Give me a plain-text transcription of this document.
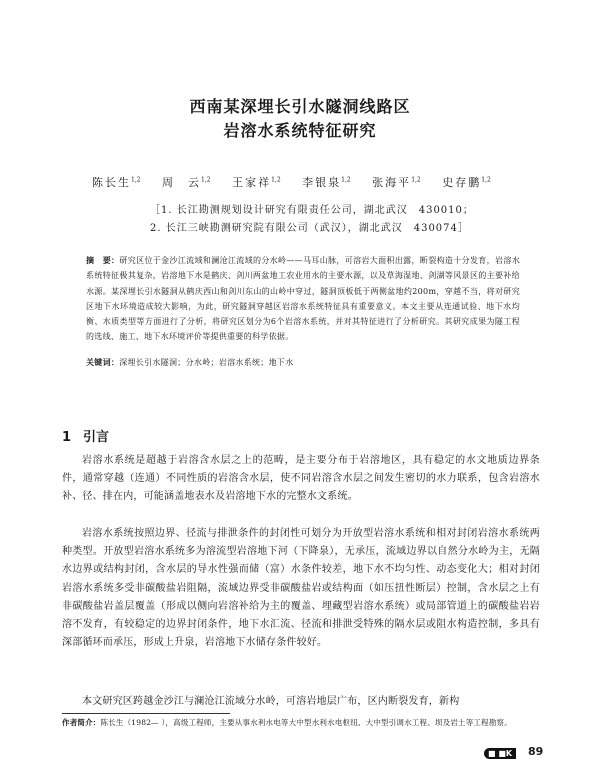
西南某深埋长引水隧洞线路区
岩溶水系统特征研究
陈长生$^{1,2}$ 周　云$^{1,2}$ 王家祥$^{1,2}$ 李银泉$^{1,2}$ 张海平$^{1,2}$ 史存鹏$^{1,2}$
［1. 长江勘测规划设计研究有限责任公司，湖北武汉　430010；
2. 长江三峡勘测研究院有限公司（武汉），湖北武汉　430074］
摘　要：研究区位于金沙江流域和澜沧江流域的分水岭——马耳山脉，可溶岩大面积出露，断裂构造十分发育，岩溶水系统特征极其复杂，岩溶地下水是鹤庆、剑川两盆地工农业用水的主要水源，以及草海湿地、剑湖等风景区的主要补给水源。某深埋长引水隧洞从鹤庆西山和剑川东山的山岭中穿过，隧洞顶板低于两侧盆地约200m，穿越不当，将对研究区地下水环境造成较大影响，为此，研究隧洞穿越区岩溶水系统特征具有重要意义。本文主要从连通试验、地下水均衡、水质类型等方面进行了分析，将研究区划分为6个岩溶水系统，并对其特征进行了分析研究。其研究成果为隧工程的选线、施工、地下水环境评价等提供重要的科学依据。
关键词：深埋长引水隧洞；分水岭；岩溶水系统；地下水
1 引言
岩溶水系统是超越于岩溶含水层之上的范畴，是主要分布于岩溶地区，具有稳定的水文地质边界条件，通常穿越（连通）不同性质的岩溶含水层，使不同岩溶含水层之间发生密切的水力联系，包含岩溶水补、径、排在内，可能涵盖地表水及岩溶地下水的完整水文系统。
岩溶水系统按照边界、径流与排泄条件的封闭性可划分为开放型岩溶水系统和相对封闭岩溶水系统两种类型。开放型岩溶水系统多为溶流型岩溶地下河（下降泉），无承压，流域边界以自然分水岭为主，无隔水边界或结构封闭，含水层的导水性强而储（富）水条件较差，地下水不均匀性、动态变化大；相对封闭岩溶水系统多受非碳酸盐岩阻隔，流域边界受非碳酸盐岩或结构面（如压扭性断层）控制，含水层之上有非碳酸盐岩盖层覆盖（形成以侧向岩溶补给为主的覆盖、埋藏型岩溶水系统）或局部管道上的碳酸盐岩岩溶不发育，有较稳定的边界封闭条件，地下水汇流、径流和排泄受特殊的隔水层或阻水构造控制，多具有深部循环而承压，形成上升泉，岩溶地下水储存条件较好。
本文研究区跨越金沙江与澜沧江流域分水岭，可溶岩地层广布，区内断裂发育，新构
作者简介：陈长生（1982— ），高级工程师，主要从事水利水电等大中型水利水电枢纽、大中型引调水工程、坝及岩土等工程勘察。
■ ■K	89
